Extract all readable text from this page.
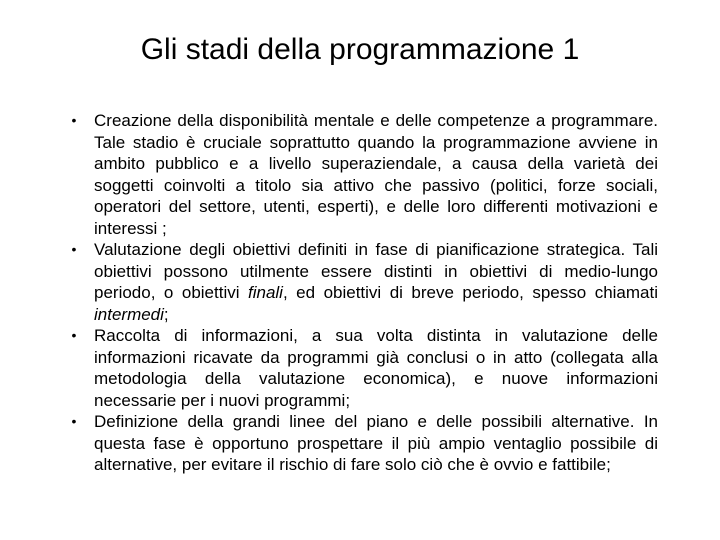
Gli stadi della programmazione 1
• Creazione della disponibilità mentale e delle competenze a programmare. Tale stadio è cruciale soprattutto quando la programmazione avviene in ambito pubblico e a livello superaziendale, a causa della varietà dei soggetti coinvolti a titolo sia attivo che passivo (politici, forze sociali, operatori del settore, utenti, esperti), e delle loro differenti motivazioni e interessi ;
• Valutazione degli obiettivi definiti in fase di pianificazione strategica. Tali obiettivi possono utilmente essere distinti in obiettivi di medio-lungo periodo, o obiettivi finali, ed obiettivi di breve periodo, spesso chiamati intermedi;
• Raccolta di informazioni, a sua volta distinta in valutazione delle informazioni ricavate da programmi già conclusi o in atto (collegata alla metodologia della valutazione economica), e nuove informazioni necessarie per i nuovi programmi;
• Definizione della grandi linee del piano e delle possibili alternative. In questa fase è opportuno prospettare il più ampio ventaglio possibile di alternative, per evitare il rischio di fare solo ciò che è ovvio e fattibile;
